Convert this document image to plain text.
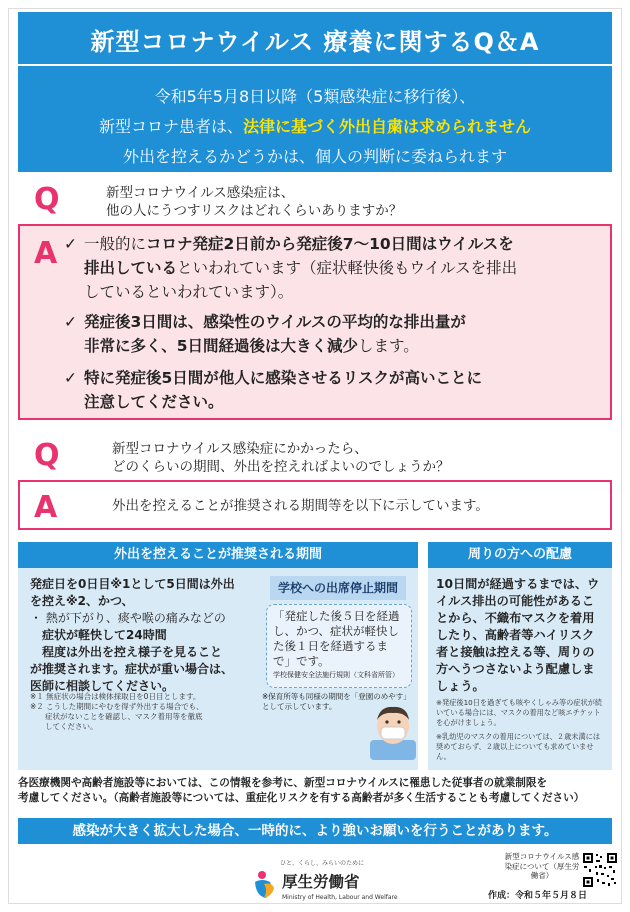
新型コロナウイルス 療養に関するQ＆A
令和5年5月8日以降（5類感染症に移行後）、
新型コロナ患者は、法律に基づく外出自粛は求められません
外出を控えるかどうかは、個人の判断に委ねられます
Q	新型コロナウイルス感染症は、
他の人にうつすリスクはどれくらいありますか？
A ✓ 一般的にコロナ発症2日前から発症後7～10日間はウイルスを
排出しているといわれています（症状軽快後もウイルスを排出
しているといわれています）。
✓ 発症後3日間は、感染性のウイルスの平均的な排出量が
非常に多く、5日間経過後は大きく減少します。
✓ 特に発症後5日間が他人に感染させるリスクが高いことに
注意してください。
Q	新型コロナウイルス感染症にかかったら、
どのくらいの期間、外出を控えればよいのでしょうか？
A	外出を控えることが推奨される期間等を以下に示しています。
外出を控えることが推奨される期間
発症日を0日目※1として5日間は外出
を控え※2、かつ、
・ 熱が下がり、痰や喉の痛みなどの
　症状が軽快して24時間
　程度は外出を控え様子を見ること
が推奨されます。症状が重い場合は、
医師に相談してください。
※１ 無症状の場合は検体採取日を0日目とします。
※２ こうした期間にやむを得ず外出する場合でも、
　　症状がないことを確認し、マスク着用等を徹底
　　してください。
学校への出席停止期間
「発症した後５日を経過し、かつ、症状が軽快した後１日を経過するまで」です。
学校保健安全法施行規則（文科省所管）
※保育所等も同様の期間を「登園のめやす」として示しています。
周りの方への配慮
10日間が経過するまでは、ウイルス排出の可能性があることから、不織布マスクを着用したり、高齢者等ハイリスク者と接触は控える等、周りの方へうつさないよう配慮しましょう。
※発症後10日を過ぎても咳やくしゃみ等の症状が続いている場合には、マスクの着用など咳エチケットを心がけましょう。
※乳幼児のマスクの着用については、２歳未満には奨めておらず、２歳以上についても求めていません。
各医療機関や高齢者施設等においては、この情報を参考に、新型コロナウイルスに罹患した従事者の就業制限を
考慮してください。（高齢者施設等については、重症化リスクを有する高齢者が多く生活することも考慮してください）
感染が大きく拡大した場合、一時的に、より強いお願いを行うことがあります。
ひと、くらし、みらいのために
厚生労働省
Ministry of Health, Labour and Welfare
新型コロナウイルス感染症について（厚生労働省）
作成：令和５年５月８日
